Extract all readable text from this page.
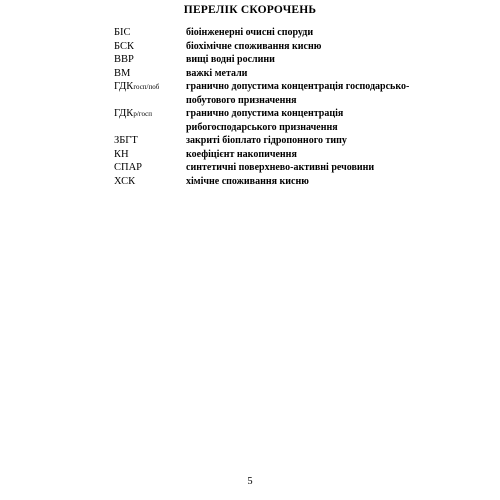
ПЕРЕЛІК СКОРОЧЕНЬ
БІС	біоінженерні очисні споруди
БСК	біохімічне споживання кисню
ВВР	вищі водні рослини
ВМ	важкі метали
ГДКгосп/поб	гранично допустима концентрація господарсько-побутового призначення
ГДКр/госп	гранично допустима концентрація рибогосподарського призначення
ЗБГТ	закриті біоплато гідропонного типу
КН	коефіцієнт накопичення
СПАР	синтетичні поверхнево-активні речовини
ХСК	хімічне споживання кисню
5
